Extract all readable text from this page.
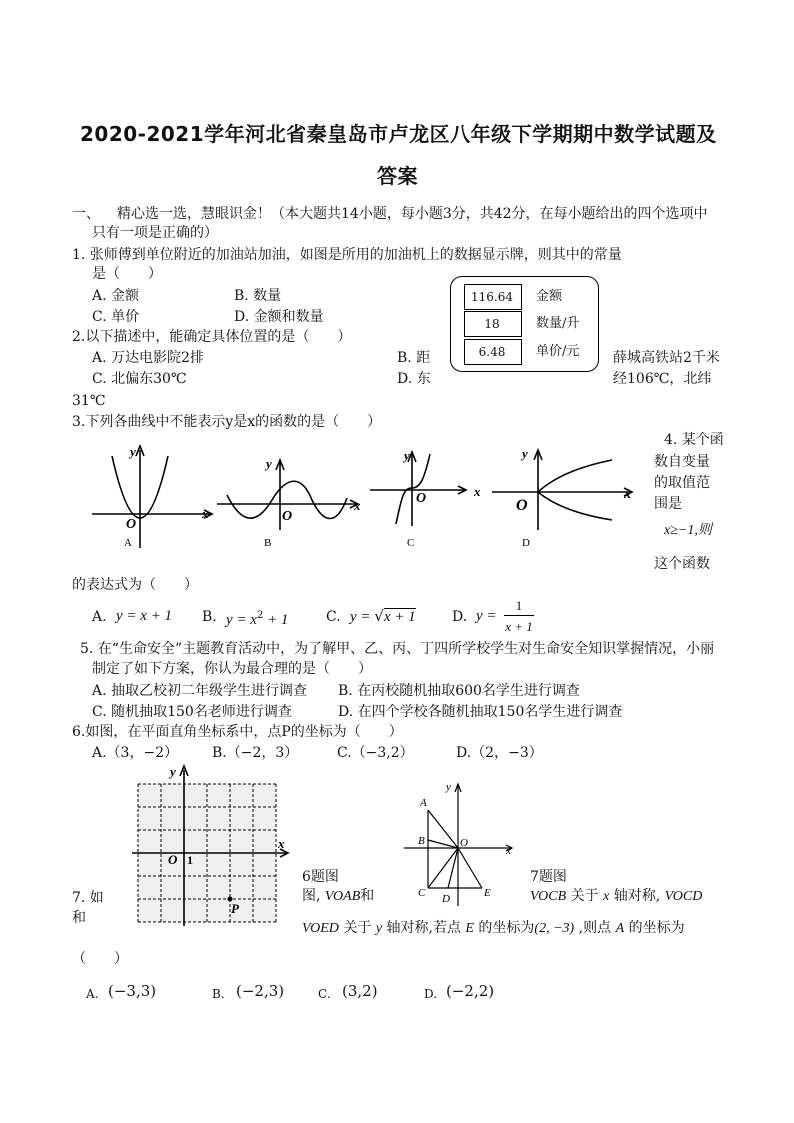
2020-2021学年河北省秦皇岛市卢龙区八年级下学期期中数学试题及
答案
一、 精心选一选，慧眼识金！（本大题共14小题，每小题3分，共42分，在每小题给出的四个选项中
只有一项是正确的）
1. 张师傅到单位附近的加油站加油，如图是所用的加油机上的数据显示牌，则其中的常量
是（　　）
A. 金额	B. 数量
C. 单价	D. 金额和数量
116.64	金额
18	数量/升
6.48	单价/元
2.以下描述中，能确定具体位置的是（　　）
A. 万达电影院2排	B. 距	薛城高铁站2千米
C. 北偏东30℃	D. 东	经106℃，北纬
31℃
3.下列各曲线中不能表示y是x的函数的是（　　）
O
x
y
A
O
x
y
B
O	x
y
C
O
x
y
D
4. 某个函
数自变量
的取值范
围是
x≥−1,则
这个函数
的表达式为（　　）
A. y = x + 1 B. $y = x^2 + 1$	C. y = √x + 1	D. y =
1
x + 1
5. 在“生命安全”主题教育活动中，为了解甲、乙、丙、丁四所学校学生对生命安全知识掌握情况，小丽
制定了如下方案，你认为最合理的是（　　）
A. 抽取乙校初二年级学生进行调查 B. 在丙校随机抽取600名学生进行调查
C. 随机抽取150名老师进行调查	D. 在四个学校各随机抽取150名学生进行调查
6.如图，在平面直角坐标系中，点P的坐标为（　　）
A.（3，−2） B.（−2，3）	C.（−3,2）	D.（2，−3）
O 1
x
y
P
A
B
C D	E
O
x
y
7. 如
和
6题图
图, VOAB和
7题图
VOCB 关于 x 轴对称, VOCD
VOED 关于 y 轴对称,若点 E 的坐标为(2, −3) ,则点 A 的坐标为
（　　）
A. (−3,3)	B. (−2,3)	C. (3,2)	D. (−2,2)
